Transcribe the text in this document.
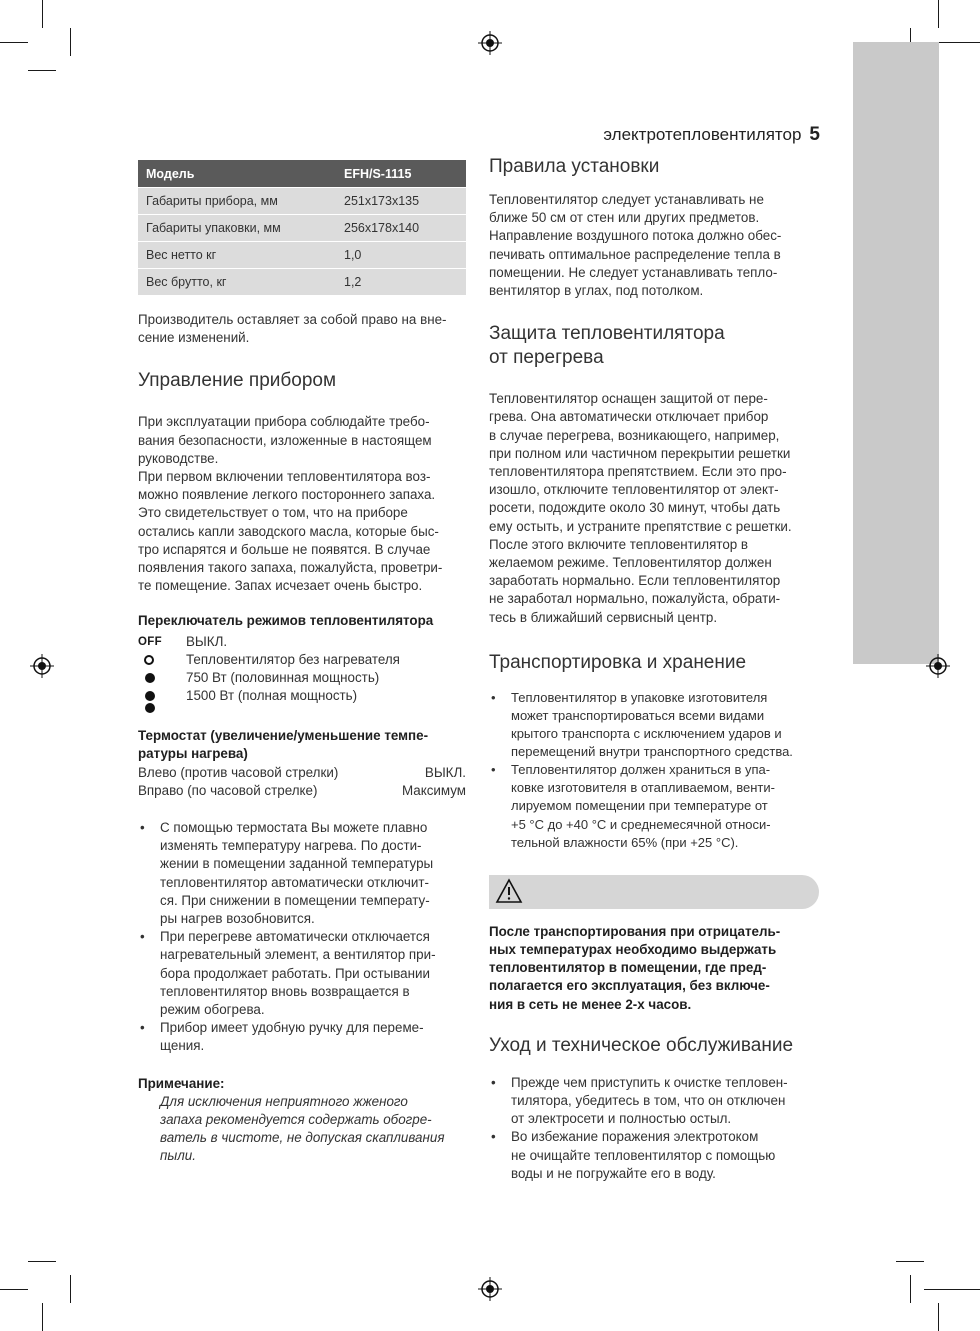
электротепловентилятор 5
Модель	EFH/S-1115
Габариты прибора, мм	251x173x135
Габариты упаковки, мм	256x178x140
Вес нетто кг	1,0
Вес брутто, кг	1,2

Производитель оставляет за собой право на вне-
сение изменений.

Управление прибором

При эксплуатации прибора соблюдайте требо-
вания безопасности, изложенные в настоящем
руководстве.
При первом включении тепловентилятора воз-
можно появление легкого постороннего запаха.
Это свидетельствует о том, что на приборе
остались капли заводского масла, которые быс-
тро испарятся и больше не появятся. В случае
появления такого запаха, пожалуйста, проветри-
те помещение. Запах исчезает очень быстро.

Переключатель режимов тепловентилятора
OFF	ВЫКЛ.
Тепловентилятор без нагревателя
750 Вт (половинная мощность)
1500 Вт (полная мощность)

Термостат (увеличение/уменьшение темпе-
ратуры нагрева)

Влево (против часовой стрелки)	ВЫКЛ.
Вправо (по часовой стрелке)	Максимум
• С помощью термостата Вы можете плавно
изменять температуру нагрева. По дости-
жении в помещении заданной температуры
тепловентилятор автоматически отключит-
ся. При снижении в помещении температу-
ры нагрев возобновится.
• При перегреве автоматически отключается
нагревательный элемент, а вентилятор при-
бора продолжает работать. При остывании
тепловентилятор вновь возвращается в
режим обогрева.
• Прибор имеет удобную ручку для переме-
щения.
Примечание:

Для исключения неприятного жженого
запаха рекомендуется содержать обогре-
ватель в чистоте, не допуская скапливания
пыли.

Правила установки

Тепловентилятор следует устанавливать не
ближе 50 см от стен или других предметов.
Направление воздушного потока должно обес-
печивать оптимальное распределение тепла в
помещении. Не следует устанавливать тепло-
вентилятор в углах, под потолком.

Защита тепловентилятора
от перегрева

Тепловентилятор оснащен защитой от пере-
грева. Она автоматически отключает прибор
в случае перегрева, возникающего, например,
при полном или частичном перекрытии решетки
тепловентилятора препятствием. Если это про-
изошло, отключите тепловентилятор от элект-
росети, подождите около 30 минут, чтобы дать
ему остыть, и устраните препятствие с решетки.
После этого включите тепловентилятор в
желаемом режиме. Тепловентилятор должен
заработать нормально. Если тепловентилятор
не заработал нормально, пожалуйста, обрати-
тесь в ближайший сервисный центр.

Транспортировка и хранение
• Тепловентилятор в упаковке изготовителя
может транспортироваться всеми видами
крытого транспорта с исключением ударов и
перемещений внутри транспортного средства.
• Тепловентилятор должен храниться в упа-
ковке изготовителя в отапливаемом, венти-
лируемом помещении при температуре от
+5 °С до +40 °С и среднемесячной относи-
тельной влажности 65% (при +25 °С).

После транспортирования при отрицатель-
ных температурах необходимо выдержать
тепловентилятор в помещении, где пред-
полагается его эксплуатация, без включе-
ния в сеть не менее 2-х часов.

Уход и техническое обслуживание
• Прежде чем приступить к очистке тепловен-
тилятора, убедитесь в том, что он отключен
от электросети и полностью остыл.
• Во избежание поражения электротоком
не очищайте тепловентилятор с помощью
воды и не погружайте его в воду.
